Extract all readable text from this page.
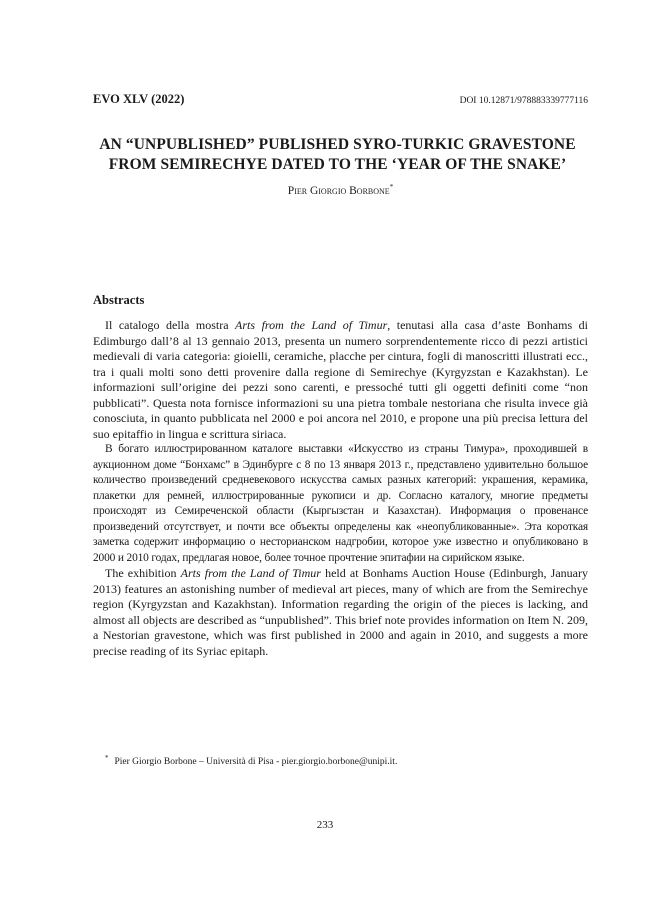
EVO XLV (2022)	DOI 10.12871/978883339777116
AN “UNPUBLISHED” PUBLISHED SYRO-TURKIC GRAVESTONE
FROM SEMIRECHYE DATED TO THE ‘YEAR OF THE SNAKE’
Pier Giorgio Borbone*
Abstracts

Il catalogo della mostra Arts from the Land of Timur, tenutasi alla casa d’aste Bonhams di Edimburgo dall’8 al 13 gennaio 2013, presenta un numero sorprendentemente ricco di pezzi artistici medievali di varia categoria: gioielli, ceramiche, placche per cintura, fogli di manoscritti illustrati ecc., tra i quali molti sono detti provenire dalla regione di Semirechye (Kyrgyzstan e Kazakhstan). Le informazioni sull’origine dei pezzi sono carenti, e pressoché tutti gli oggetti definiti come “non pubblicati”. Questa nota fornisce informazioni su una pietra tombale nestoriana che risulta invece già conosciuta, in quanto pubblicata nel 2000 e poi ancora nel 2010, e propone una più precisa lettura del suo epitaffio in lingua e scrittura siriaca.

В богато иллюстрированном каталоге выставки «Искусство из страны Тимура», проходившей в аукционном доме “Бонхамс” в Эдинбурге с 8 по 13 января 2013 г., представлено удивительно большое количество произведений средневекового искусства самых разных категорий: украшения, керамика, плакетки для ремней, иллюстрированные рукописи и др. Согласно каталогу, многие предметы происходят из Семиреченской области (Кыргызстан и Казахстан). Информация о провенансе произведений отсутствует, и почти все объекты определены как «неопубликованные». Эта короткая заметка содержит информацию о несторианском надгробии, которое уже известно и опубликовано в 2000 и 2010 годах, предлагая новое, более точное прочтение эпитафии на сирийском языке.

The exhibition Arts from the Land of Timur held at Bonhams Auction House (Edinburgh, January 2013) features an astonishing number of medieval art pieces, many of which are from the Semirechye region (Kyrgyzstan and Kazakhstan). Information regarding the origin of the pieces is lacking, and almost all objects are described as “unpublished”. This brief note provides information on Item N. 209, a Nestorian gravestone, which was first published in 2000 and again in 2010, and suggests a more precise reading of its Syriac epitaph.

* Pier Giorgio Borbone – Università di Pisa - pier.giorgio.borbone@unipi.it.
233
